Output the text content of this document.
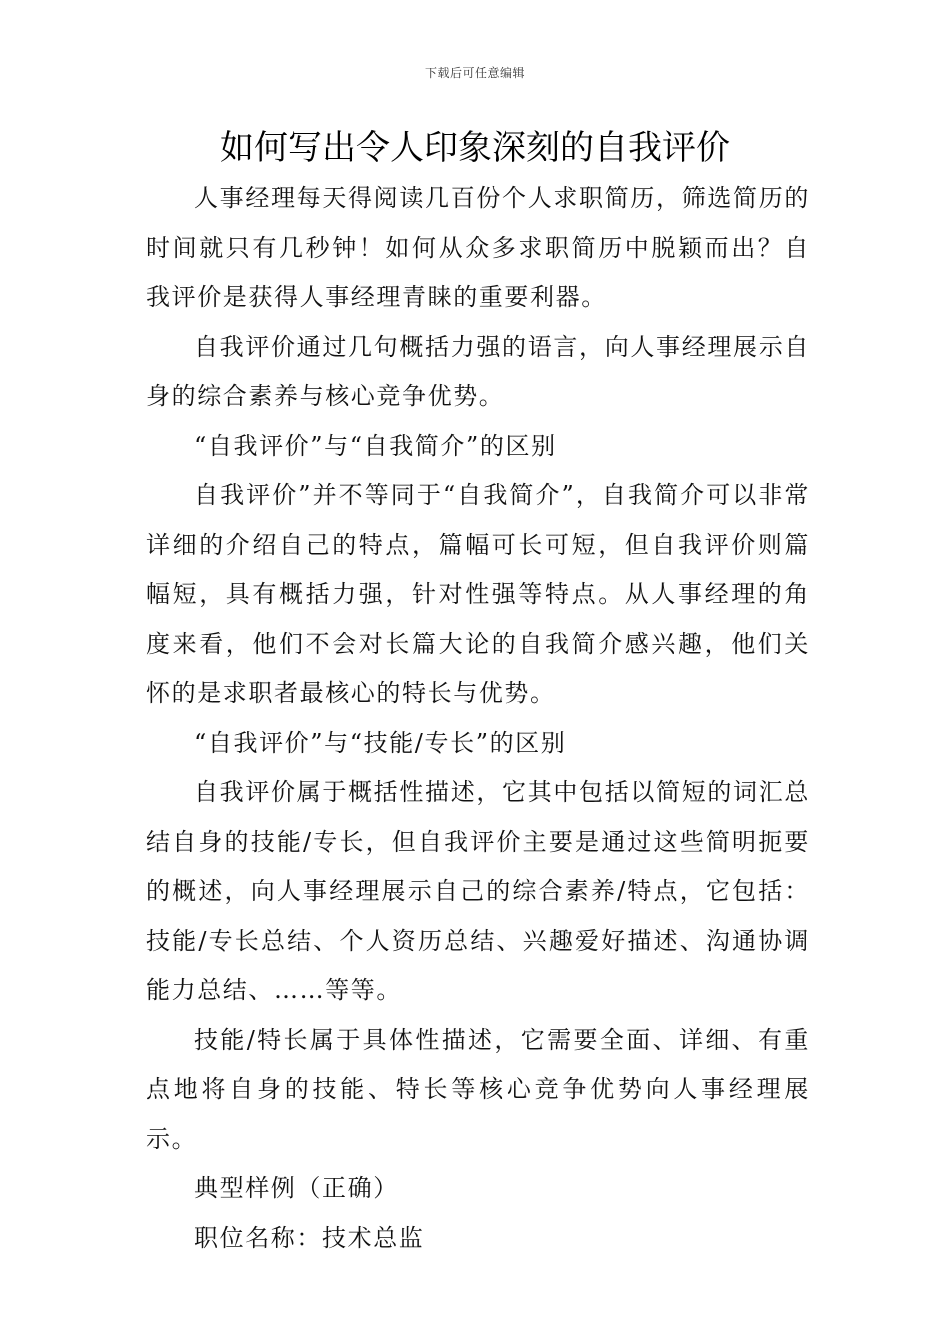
下载后可任意编辑
如何写出令人印象深刻的自我评价

人事经理每天得阅读几百份个人求职简历，筛选简历的时间就只有几秒钟！如何从众多求职简历中脱颖而出？自我评价是获得人事经理青睐的重要利器。

自我评价通过几句概括力强的语言，向人事经理展示自身的综合素养与核心竞争优势。

“自我评价”与“自我简介”的区别

自我评价”并不等同于“自我简介”，自我简介可以非常详细的介绍自己的特点，篇幅可长可短，但自我评价则篇幅短，具有概括力强，针对性强等特点。从人事经理的角度来看，他们不会对长篇大论的自我简介感兴趣，他们关怀的是求职者最核心的特长与优势。

“自我评价”与“技能/专长”的区别

自我评价属于概括性描述，它其中包括以简短的词汇总结自身的技能/专长，但自我评价主要是通过这些简明扼要的概述，向人事经理展示自己的综合素养/特点，它包括：技能/专长总结、个人资历总结、兴趣爱好描述、沟通协调能力总结、……等等。

技能/特长属于具体性描述，它需要全面、详细、有重点地将自身的技能、特长等核心竞争优势向人事经理展示。

典型样例（正确）

职位名称：技术总监
